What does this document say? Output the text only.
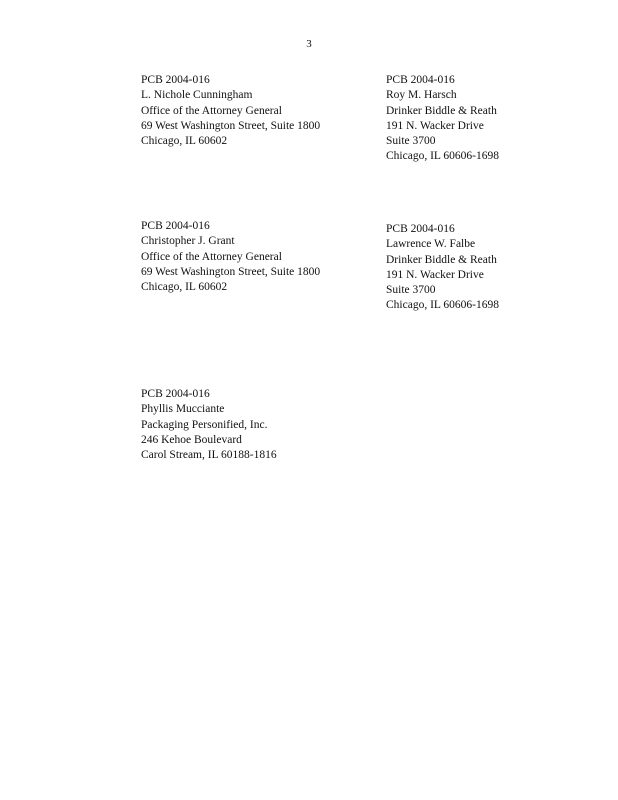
3
PCB 2004-016
L. Nichole Cunningham
Office of the Attorney General
69 West Washington Street, Suite 1800
Chicago, IL 60602
PCB 2004-016
Roy M. Harsch
Drinker Biddle & Reath
191 N. Wacker Drive
Suite 3700
Chicago, IL 60606-1698
PCB 2004-016
Christopher J. Grant
Office of the Attorney General
69 West Washington Street, Suite 1800
Chicago, IL 60602
PCB 2004-016
Lawrence W. Falbe
Drinker Biddle & Reath
191 N. Wacker Drive
Suite 3700
Chicago, IL 60606-1698
PCB 2004-016
Phyllis Mucciante
Packaging Personified, Inc.
246 Kehoe Boulevard
Carol Stream, IL 60188-1816
